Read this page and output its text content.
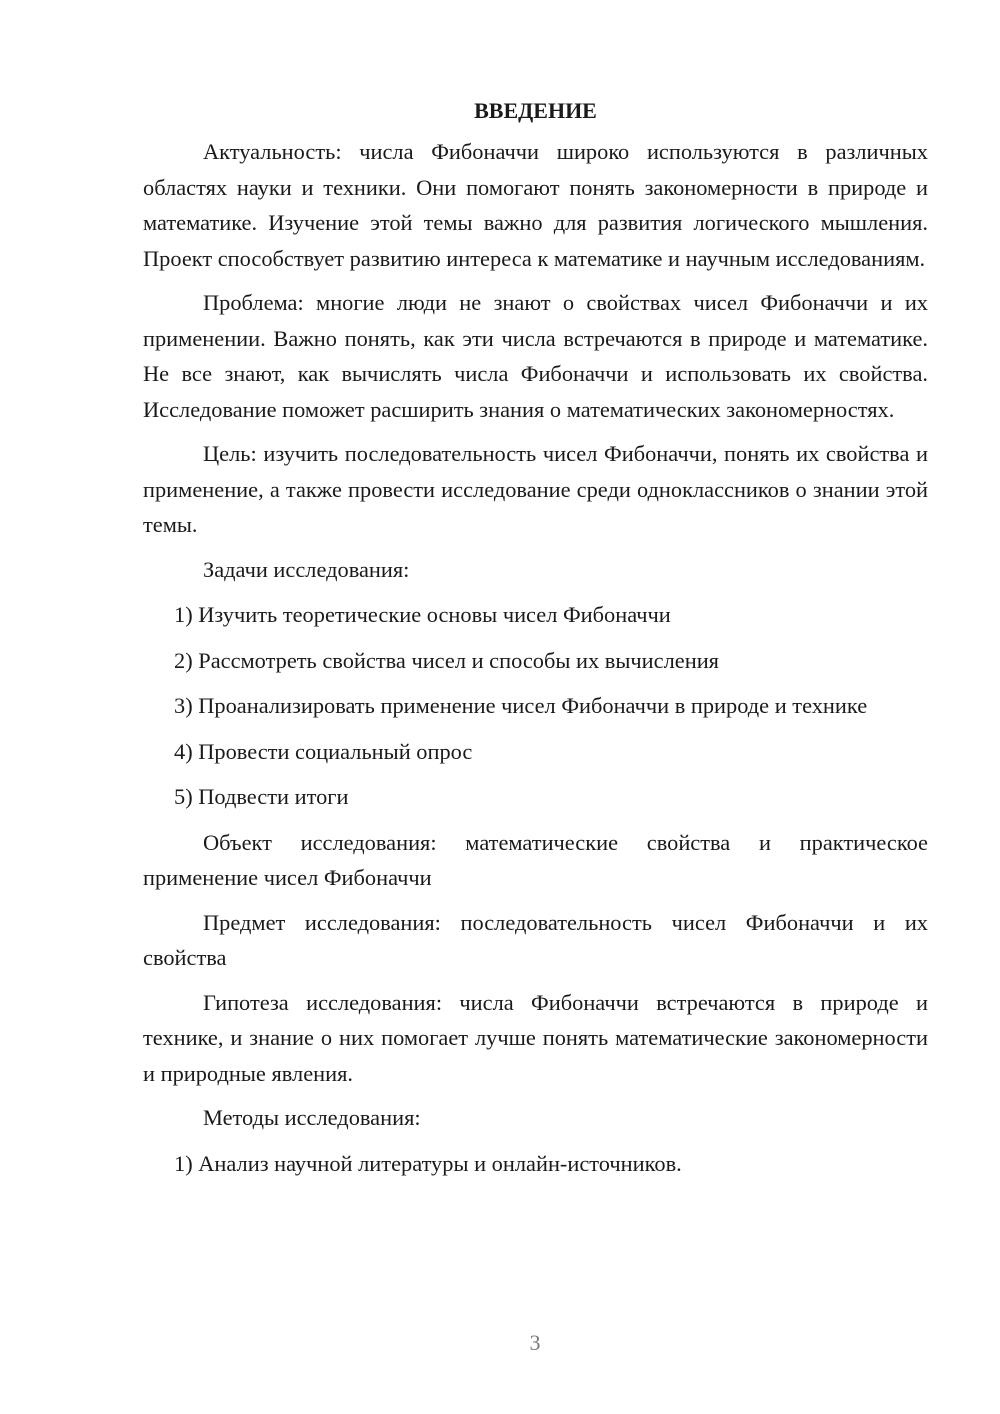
ВВЕДЕНИЕ

Актуальность: числа Фибоначчи широко используются в различных областях науки и техники. Они помогают понять закономерности в природе и математике. Изучение этой темы важно для развития логического мышления. Проект способствует развитию интереса к математике и научным исследованиям.

Проблема: многие люди не знают о свойствах чисел Фибоначчи и их применении. Важно понять, как эти числа встречаются в природе и математике. Не все знают, как вычислять числа Фибоначчи и использовать их свойства. Исследование поможет расширить знания о математических закономерностях.

Цель: изучить последовательность чисел Фибоначчи, понять их свойства и применение, а также провести исследование среди одноклассников о знании этой темы.

Задачи исследования:

1) Изучить теоретические основы чисел Фибоначчи

2) Рассмотреть свойства чисел и способы их вычисления

3) Проанализировать применение чисел Фибоначчи в природе и технике

4) Провести социальный опрос

5) Подвести итоги

Объект исследования: математические свойства и практическое применение чисел Фибоначчи

Предмет исследования: последовательность чисел Фибоначчи и их свойства

Гипотеза исследования: числа Фибоначчи встречаются в природе и технике, и знание о них помогает лучше понять математические закономерности и природные явления.

Методы исследования:

1) Анализ научной литературы и онлайн-источников.

3
